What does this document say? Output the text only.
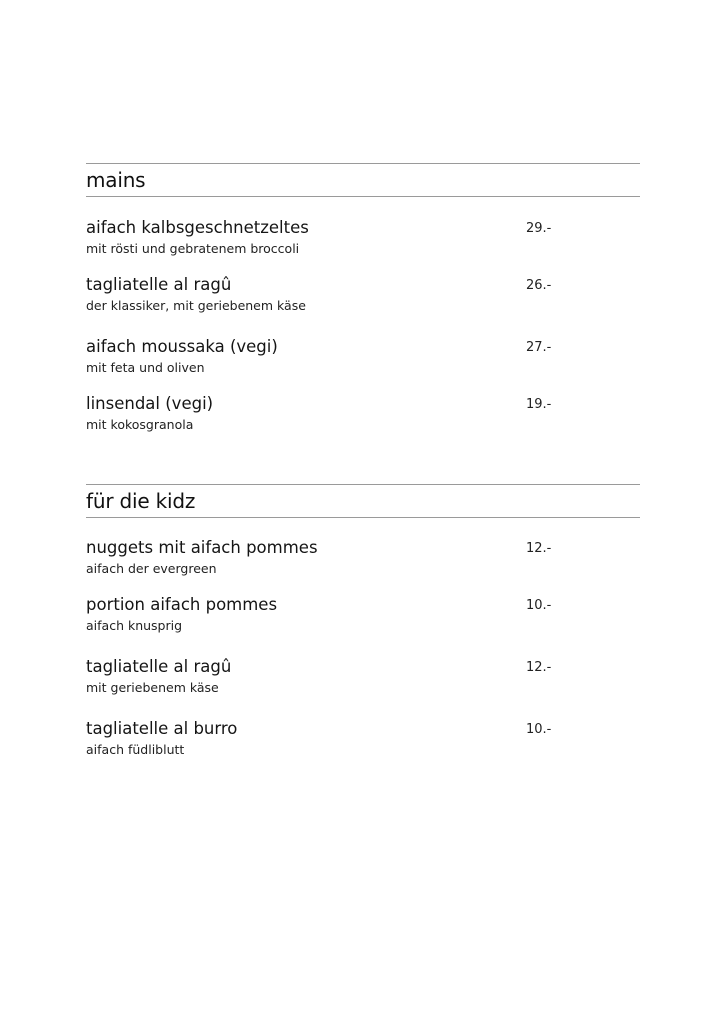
mains
aifach kalbsgeschnetzeltes
mit rösti und gebratenem broccoli
29.-
tagliatelle al ragû
der klassiker, mit geriebenem käse
26.-
aifach moussaka (vegi)
mit feta und oliven
27.-
linsendal (vegi)
mit kokosgranola
19.-
für die kidz
nuggets mit aifach pommes
aifach der evergreen
12.-
portion aifach pommes
aifach knusprig
10.-
tagliatelle al ragû
mit geriebenem käse
12.-
tagliatelle al burro
aifach füdliblutt
10.-
